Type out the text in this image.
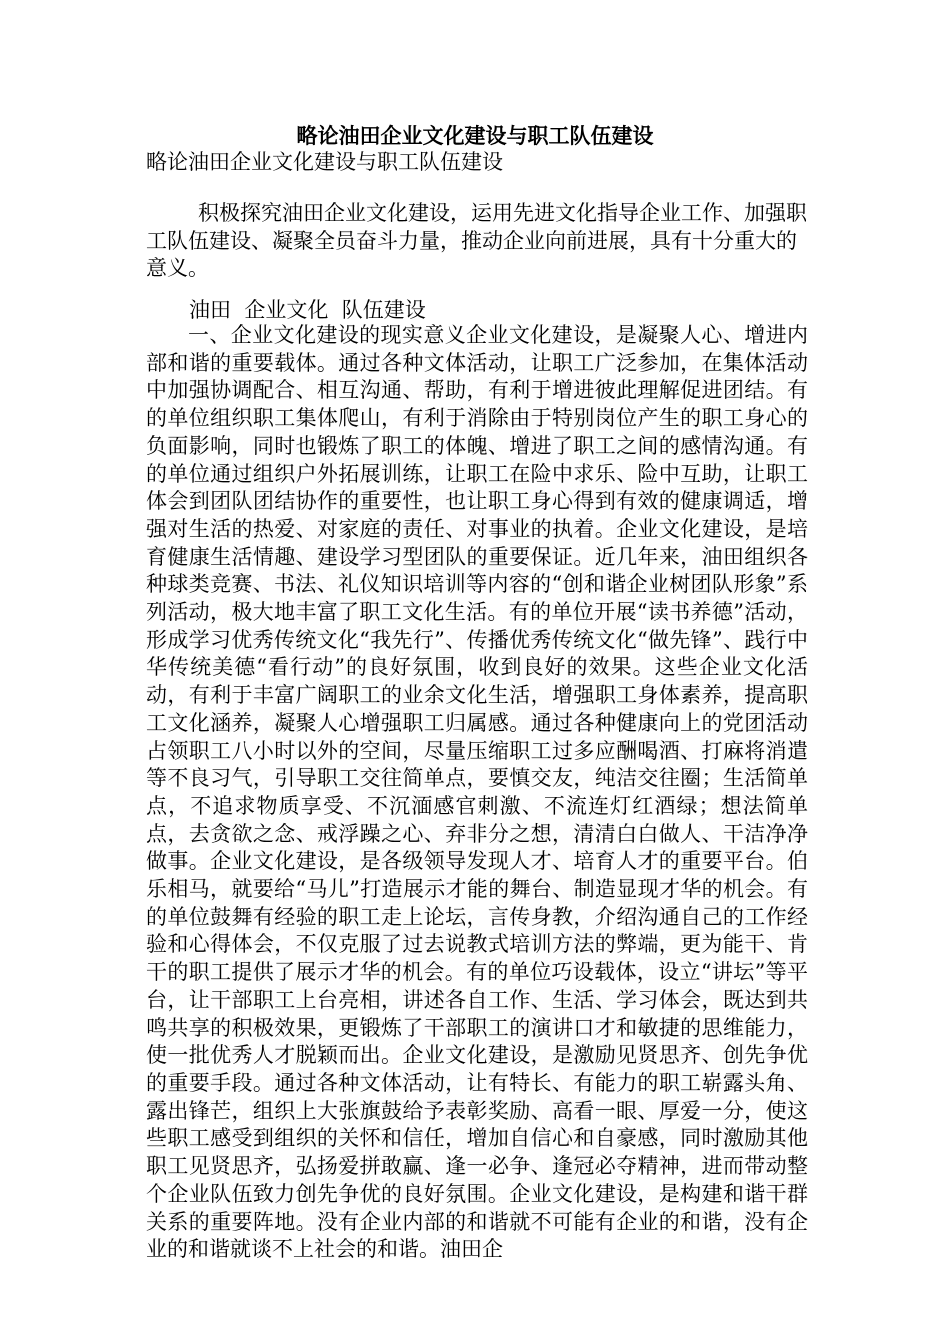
略论油田企业文化建设与职工队伍建设

略论油田企业文化建设与职工队伍建设

积极探究油田企业文化建设，运用先进文化指导企业工作、加强职工队伍建设、凝聚全员奋斗力量，推动企业向前进展，具有十分重大的意义。

油田  企业文化  队伍建设

一、企业文化建设的现实意义企业文化建设，是凝聚人心、增进内部和谐的重要载体。通过各种文体活动，让职工广泛参加，在集体活动中加强协调配合、相互沟通、帮助，有利于增进彼此理解促进团结。有的单位组织职工集体爬山，有利于消除由于特别岗位产生的职工身心的负面影响，同时也锻炼了职工的体魄、增进了职工之间的感情沟通。有的单位通过组织户外拓展训练，让职工在险中求乐、险中互助，让职工体会到团队团结协作的重要性，也让职工身心得到有效的健康调适，增强对生活的热爱、对家庭的责任、对事业的执着。企业文化建设，是培育健康生活情趣、建设学习型团队的重要保证。近几年来，油田组织各种球类竞赛、书法、礼仪知识培训等内容的“创和谐企业树团队形象”系列活动，极大地丰富了职工文化生活。有的单位开展“读书养德”活动，形成学习优秀传统文化“我先行”、传播优秀传统文化“做先锋”、践行中华传统美德“看行动”的良好氛围，收到良好的效果。这些企业文化活动，有利于丰富广阔职工的业余文化生活，增强职工身体素养，提高职工文化涵养，凝聚人心增强职工归属感。通过各种健康向上的党团活动占领职工八小时以外的空间，尽量压缩职工过多应酬喝酒、打麻将消遣等不良习气，引导职工交往简单点，要慎交友，纯洁交往圈；生活简单点，不追求物质享受、不沉湎感官刺激、不流连灯红酒绿；想法简单点，去贪欲之念、戒浮躁之心、弃非分之想，清清白白做人、干洁净净做事。企业文化建设，是各级领导发现人才、培育人才的重要平台。伯乐相马，就要给“马儿”打造展示才能的舞台、制造显现才华的机会。有的单位鼓舞有经验的职工走上论坛，言传身教，介绍沟通自己的工作经验和心得体会，不仅克服了过去说教式培训方法的弊端，更为能干、肯干的职工提供了展示才华的机会。有的单位巧设载体，设立“讲坛”等平台，让干部职工上台亮相，讲述各自工作、生活、学习体会，既达到共鸣共享的积极效果，更锻炼了干部职工的演讲口才和敏捷的思维能力，使一批优秀人才脱颖而出。企业文化建设，是激励见贤思齐、创先争优的重要手段。通过各种文体活动，让有特长、有能力的职工崭露头角、露出锋芒，组织上大张旗鼓给予表彰奖励、高看一眼、厚爱一分，使这些职工感受到组织的关怀和信任，增加自信心和自豪感，同时激励其他职工见贤思齐，弘扬爱拼敢赢、逢一必争、逢冠必夺精神，进而带动整个企业队伍致力创先争优的良好氛围。企业文化建设，是构建和谐干群关系的重要阵地。没有企业内部的和谐就不可能有企业的和谐，没有企业的和谐就谈不上社会的和谐。油田企
